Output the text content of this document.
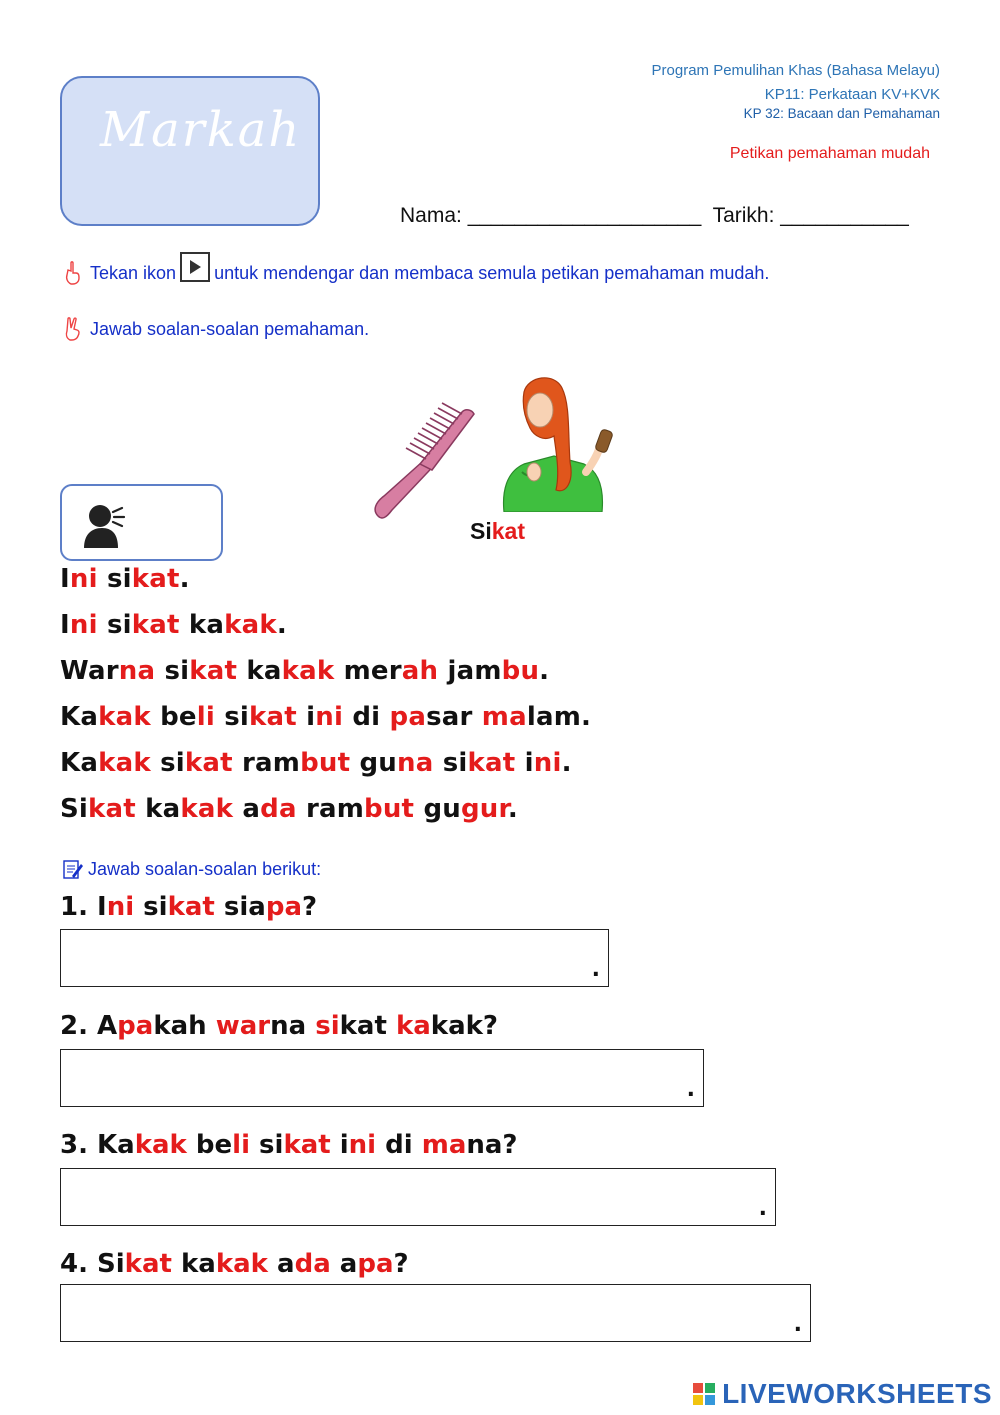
Markah
Program Pemulihan Khas (Bahasa Melayu)
KP11: Perkataan KV+KVK
KP 32: Bacaan dan Pemahaman
Petikan pemahaman mudah
Nama: ____________________ Tarikh: ___________
Tekan ikon untuk mendengar dan membaca semula petikan pemahaman mudah.
Jawab soalan-soalan pemahaman.
Sikat
Ini sikat.
Ini sikat kakak.
Warna sikat kakak merah jambu.
Kakak beli sikat ini di pasar malam.
Kakak sikat rambut guna sikat ini.
Sikat kakak ada rambut gugur.
Jawab soalan-soalan berikut:
1. Ini sikat siapa?
.
2. Apakah warna sikat kakak?
.
3. Kakak beli sikat ini di mana?
.
4. Sikat kakak ada apa?
.
LIVEWORKSHEETS
